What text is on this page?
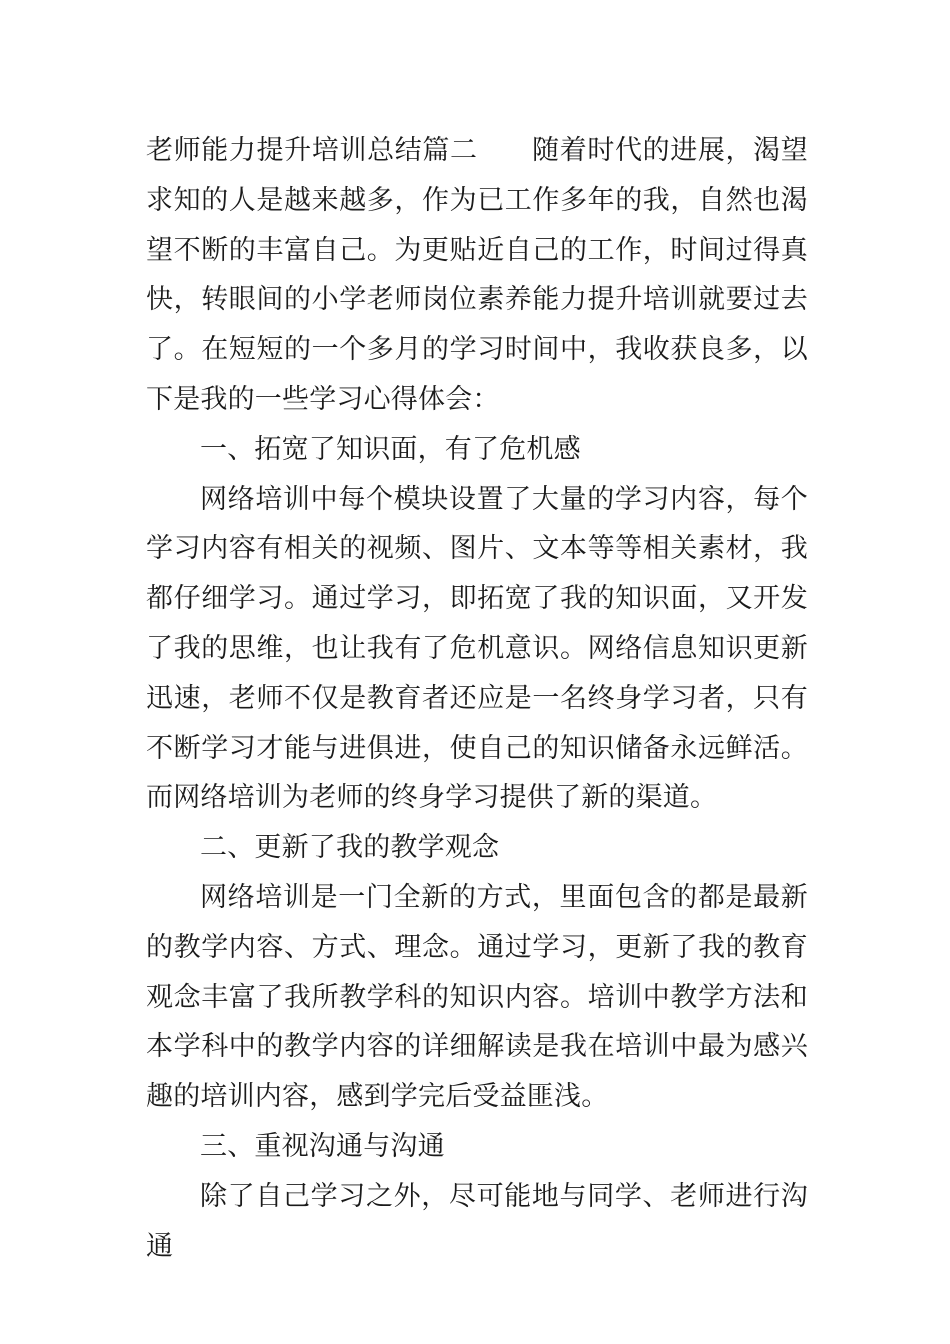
老师能力提升培训总结篇二 随着时代的进展，渴望求知的人是越来越多，作为已工作多年的我，自然也渴望不断的丰富自己。为更贴近自己的工作，时间过得真快，转眼间的小学老师岗位素养能力提升培训就要过去了。在短短的一个多月的学习时间中，我收获良多，以下是我的一些学习心得体会：

一、拓宽了知识面，有了危机感

网络培训中每个模块设置了大量的学习内容，每个学习内容有相关的视频、图片、文本等等相关素材，我都仔细学习。通过学习，即拓宽了我的知识面，又开发了我的思维，也让我有了危机意识。网络信息知识更新迅速，老师不仅是教育者还应是一名终身学习者，只有不断学习才能与进俱进，使自己的知识储备永远鲜活。而网络培训为老师的终身学习提供了新的渠道。

二、更新了我的教学观念

网络培训是一门全新的方式，里面包含的都是最新的教学内容、方式、理念。通过学习，更新了我的教育观念丰富了我所教学科的知识内容。培训中教学方法和本学科中的教学内容的详细解读是我在培训中最为感兴趣的培训内容，感到学完后受益匪浅。

三、重视沟通与沟通

除了自己学习之外，尽可能地与同学、老师进行沟通
